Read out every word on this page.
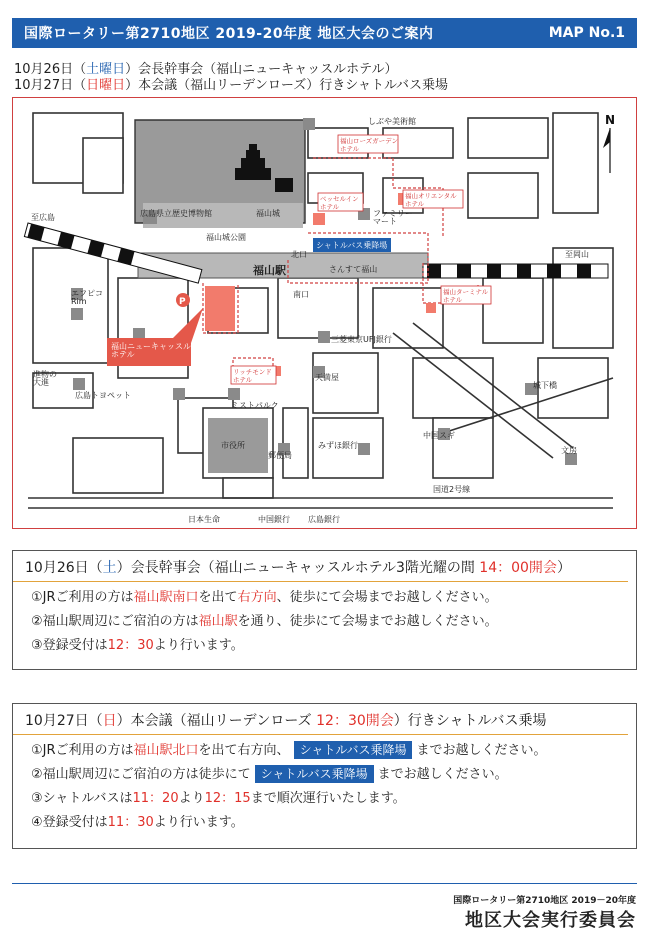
国際ロータリー第2710地区 2019-20年度 地区大会のご案内	MAP No.1
10月26日（土曜日）会長幹事会（福山ニューキャッスルホテル）
10月27日（日曜日）本会議（福山リーデンローズ）行きシャトルバス乗場
福山ニューキャッスルホテル
P
シャトルバス乗降場
福山ローズガーデンホテル
ベッセルインホテル
福山オリエンタルホテル
福山ターミナルホテル
リッチモンドホテル
至広島
至岡山
福山駅
北口
南口
福山城
福山城公園
広島県立歴史博物館
しぶや美術館
さんすて福山
ファミリーマート
エフピコ Rim
三菱東京UFJ銀行
天満屋
進物の大進
広島トヨペット
ミストパルク
市役所
郵便局
みずほ銀行
中国スギ
城下橋
文房
国道2号線
日本生命	中国銀行 広島銀行
N
10月26日（土）会長幹事会（福山ニューキャッスルホテル3階光耀の間 14：00開会）
①JRご利用の方は福山駅南口を出て右方向、徒歩にて会場までお越しください。
②福山駅周辺にご宿泊の方は福山駅を通り、徒歩にて会場までお越しください。
③登録受付は12：30より行います。
10月27日（日）本会議（福山リーデンローズ 12：30開会）行きシャトルバス乗場
①JRご利用の方は福山駅北口を出て右方向、 シャトルバス乗降場 までお越しください。
②福山駅周辺にご宿泊の方は徒歩にて シャトルバス乗降場 までお越しください。
③シャトルバスは11：20より12：15まで順次運行いたします。
④登録受付は11：30より行います。
国際ロータリー第2710地区 2019－20年度
地区大会実行委員会
